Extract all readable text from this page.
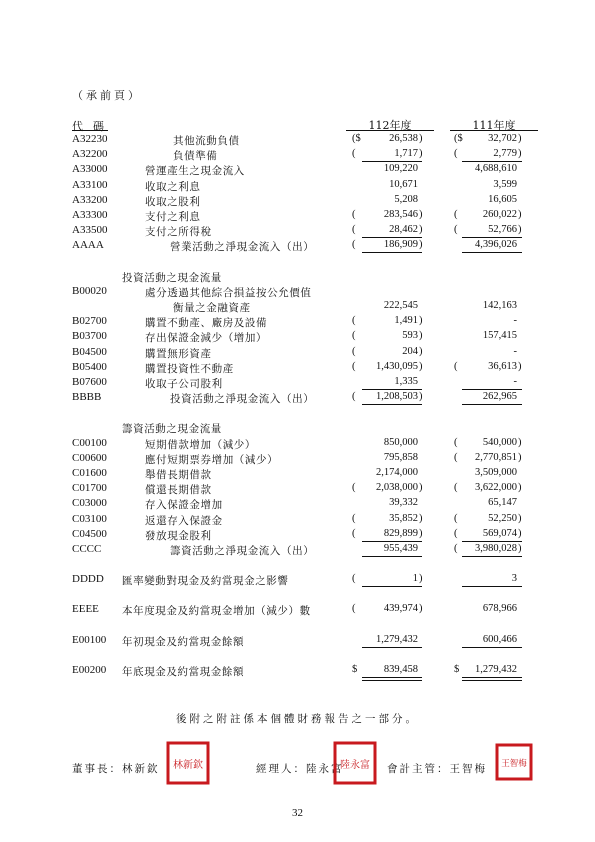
（承前頁）
代碼	112年度	111年度
A32230	其他流動負債	($	26,538 )	($	32,702 )
A32200	負債準備	(	1,717 )	(	2,779 )
A33000	營運產生之現金流入	109,220	4,688,610
A33100	收取之利息	10,671	3,599
A33200	收取之股利	5,208	16,605
A33300	支付之利息	(	283,546 )	(	260,022 )
A33500	支付之所得稅	(	28,462 )	(	52,766 )
AAAA	營業活動之淨現金流入（出）	(	186,909 )	4,396,026
投資活動之現金流量
B00020	處分透過其他綜合損益按公允價值
衡量之金融資產	222,545	142,163
B02700	購置不動產、廠房及設備	(	1,491 )	-
B03700	存出保證金減少（增加）	(	593 )	157,415
B04500	購置無形資產	(	204 )	-
B05400	購置投資性不動產	(	1,430,095 )	(	36,613 )
B07600	收取子公司股利	1,335	-
BBBB	投資活動之淨現金流入（出）	(	1,208,503 )	262,965
籌資活動之現金流量
C00100	短期借款增加（減少）	850,000	(	540,000 )
C00600	應付短期票券增加（減少）	795,858	(	2,770,851 )
C01600	舉借長期借款	2,174,000	3,509,000
C01700	償還長期借款	(	2,038,000 )	(	3,622,000 )
C03000	存入保證金增加	39,332	65,147
C03100	返還存入保證金	(	35,852 )	(	52,250 )
C04500	發放現金股利	(	829,899 )	(	569,074 )
CCCC	籌資活動之淨現金流入（出）	955,439	(	3,980,028 )
DDDD 匯率變動對現金及約當現金之影響	(	1 )	3
EEEE 本年度現金及約當現金增加（減少）數	(	439,974 )	678,966
E00100 年初現金及約當現金餘額	1,279,432	600,466
E00200 年底現金及約當現金餘額	$	839,458	$	1,279,432
後附之附註係本個體財務報告之一部分。
董事長：林新欽 林新欽	經理人：陸永富
陸永富 會計主管：王智梅 王智梅
32
